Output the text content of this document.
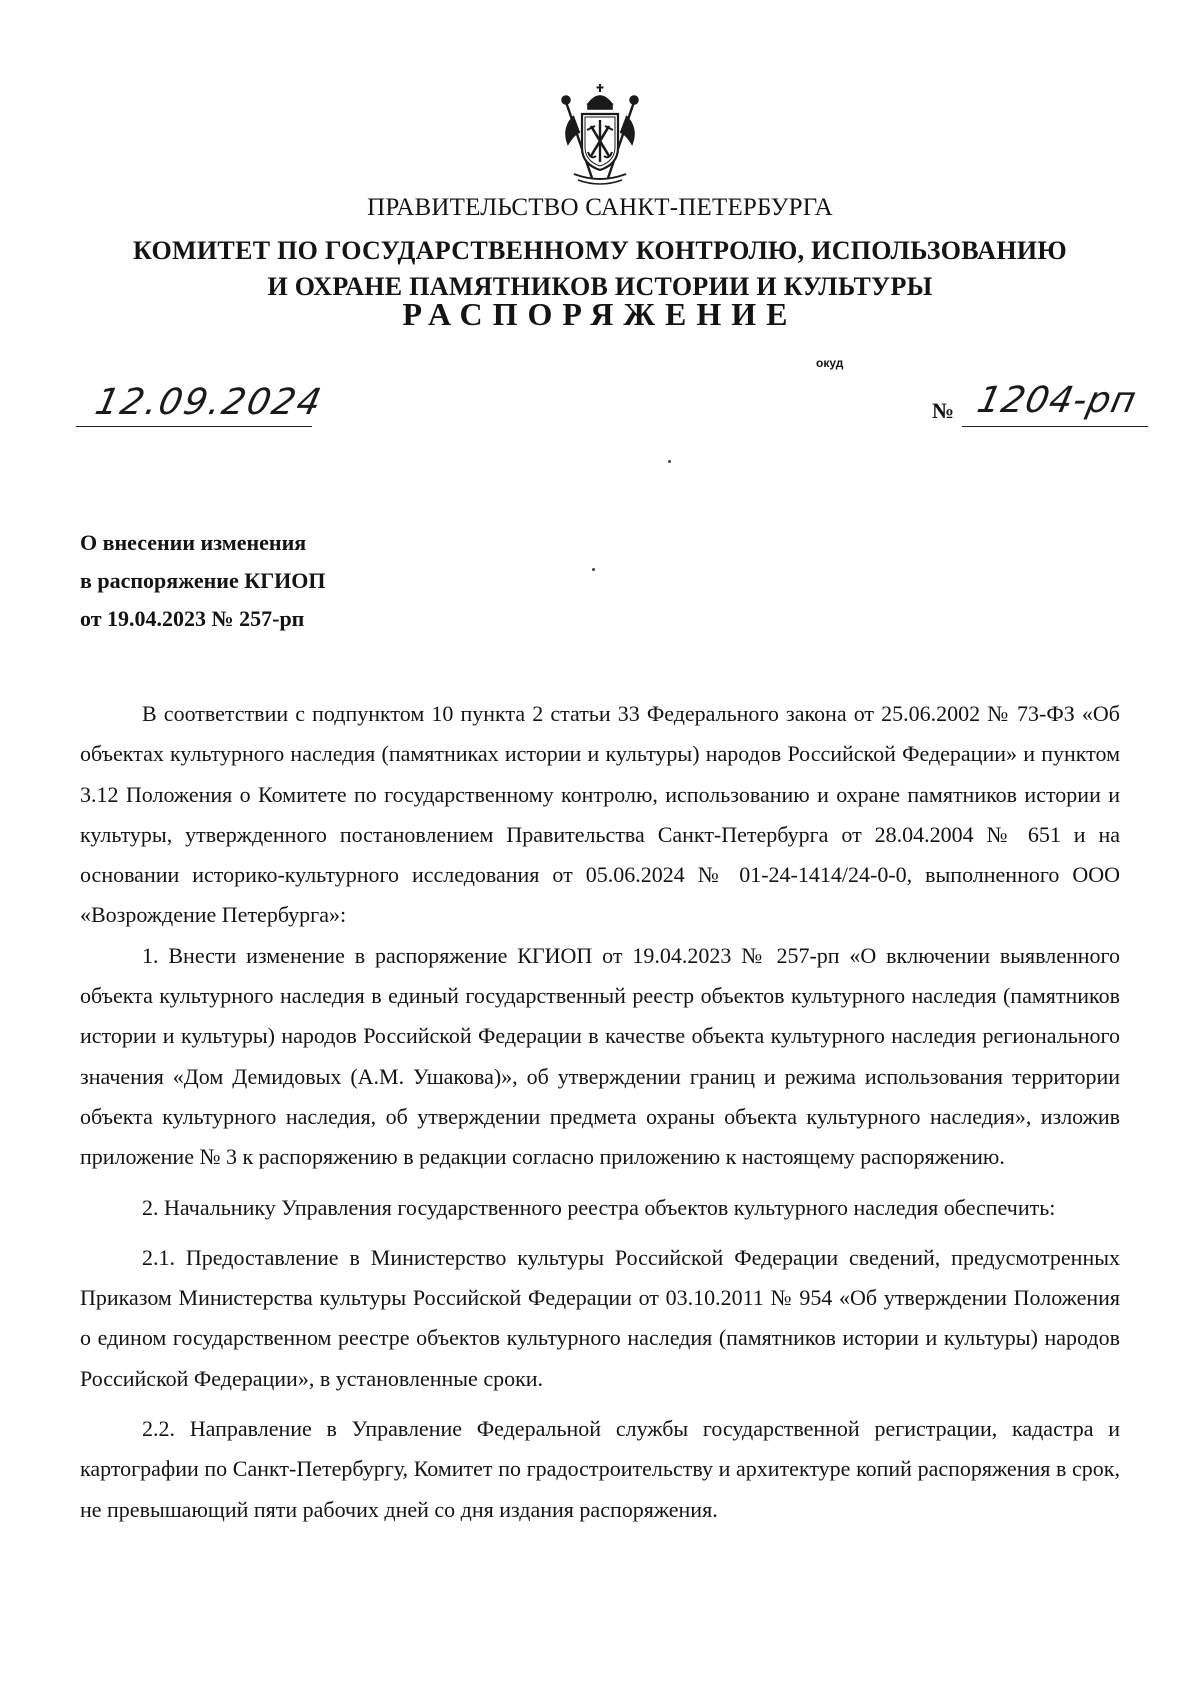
ПРАВИТЕЛЬСТВО САНКТ-ПЕТЕРБУРГА
КОМИТЕТ ПО ГОСУДАРСТВЕННОМУ КОНТРОЛЮ, ИСПОЛЬЗОВАНИЮ
И ОХРАНЕ ПАМЯТНИКОВ ИСТОРИИ И КУЛЬТУРЫ
РАСПОРЯЖЕНИЕ
окуд
12.09.2024	№ 1204-рп
О внесении изменения
в распоряжение КГИОП
от 19.04.2023 № 257-рп

В соответствии с подпунктом 10 пункта 2 статьи 33 Федерального закона от 25.06.2002 № 73-ФЗ «Об объектах культурного наследия (памятниках истории и культуры) народов Российской Федерации» и пунктом 3.12 Положения о Комитете по государственному контролю, использованию и охране памятников истории и культуры, утвержденного постановлением Правительства Санкт-Петербурга от 28.04.2004 № 651 и на основании историко-культурного исследования от 05.06.2024 № 01-24-1414/24-0-0, выполненного ООО «Возрождение Петербурга»:

1. Внести изменение в распоряжение КГИОП от 19.04.2023 № 257-рп «О включении выявленного объекта культурного наследия в единый государственный реестр объектов культурного наследия (памятников истории и культуры) народов Российской Федерации в качестве объекта культурного наследия регионального значения «Дом Демидовых (А.М. Ушакова)», об утверждении границ и режима использования территории объекта культурного наследия, об утверждении предмета охраны объекта культурного наследия», изложив приложение № 3 к распоряжению в редакции согласно приложению к настоящему распоряжению.

2. Начальнику Управления государственного реестра объектов культурного наследия обеспечить:

2.1. Предоставление в Министерство культуры Российской Федерации сведений, предусмотренных Приказом Министерства культуры Российской Федерации от 03.10.2011 № 954 «Об утверждении Положения о едином государственном реестре объектов культурного наследия (памятников истории и культуры) народов Российской Федерации», в установленные сроки.

2.2. Направление в Управление Федеральной службы государственной регистрации, кадастра и картографии по Санкт-Петербургу, Комитет по градостроительству и архитектуре копий распоряжения в срок, не превышающий пяти рабочих дней со дня издания распоряжения.
